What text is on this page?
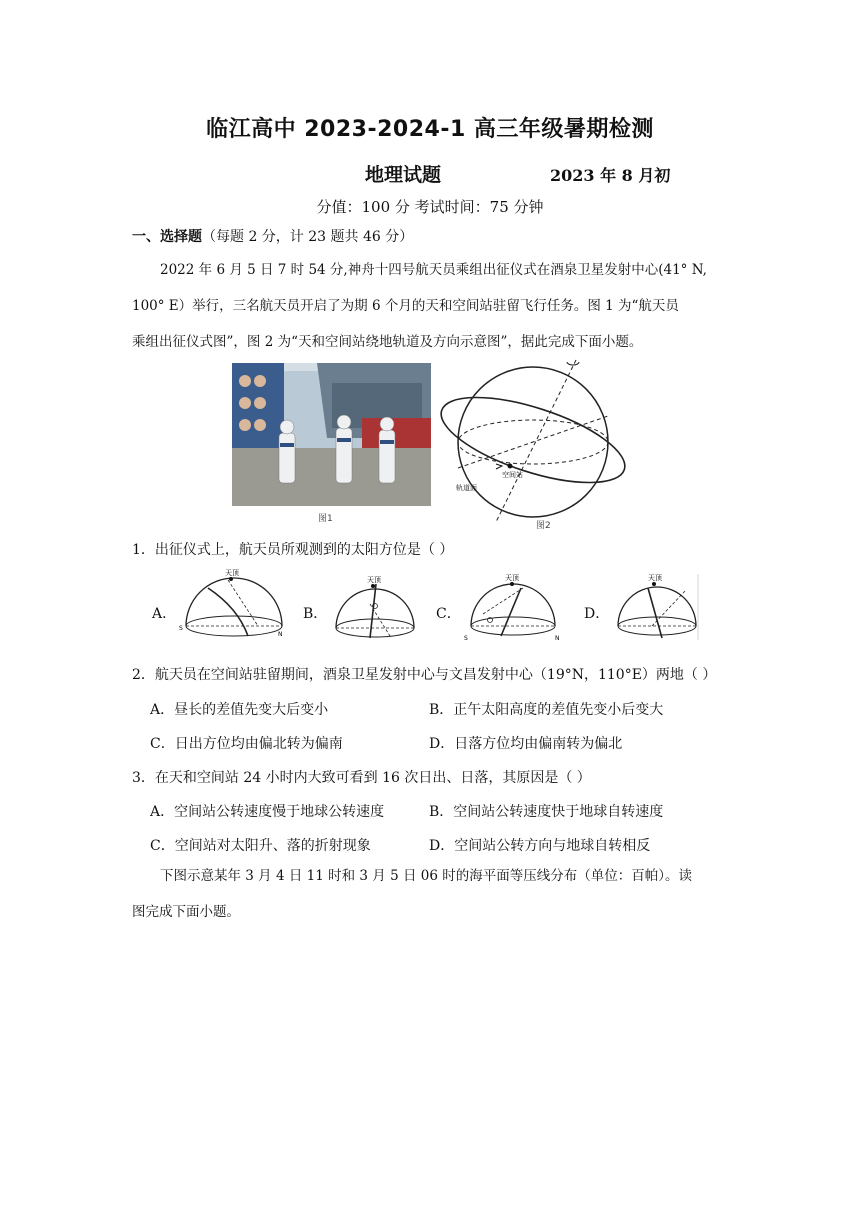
临江高中 2023-2024-1 高三年级暑期检测
地理试题	2023 年 8 月初
分值：100 分 考试时间：75 分钟
一、选择题（每题 2 分，计 23 题共 46 分）
2022 年 6 月 5 日 7 时 54 分,神舟十四号航天员乘组出征仪式在酒泉卫星发射中心(41° N,
100° E）举行，三名航天员开启了为期 6 个月的天和空间站驻留飞行任务。图 1 为“航天员
乘组出征仪式图”，图 2 为“天和空间站绕地轨道及方向示意图”，据此完成下面小题。
图1
空间站
轨道面
图2
1．出征仪式上，航天员所观测到的太阳方位是（ ）
A．	B．	C．	D．
天顶
S
N
天顶	天顶
S	N
天顶
2．航天员在空间站驻留期间，酒泉卫星发射中心与文昌发射中心（19°N，110°E）两地（ ）
A．昼长的差值先变大后变小	B．正午太阳高度的差值先变小后变大
C．日出方位均由偏北转为偏南	D．日落方位均由偏南转为偏北
3．在天和空间站 24 小时内大致可看到 16 次日出、日落，其原因是（ ）
A．空间站公转速度慢于地球公转速度	B．空间站公转速度快于地球自转速度
C．空间站对太阳升、落的折射现象	D．空间站公转方向与地球自转相反
下图示意某年 3 月 4 日 11 时和 3 月 5 日 06 时的海平面等压线分布（单位：百帕）。读
图完成下面小题。
